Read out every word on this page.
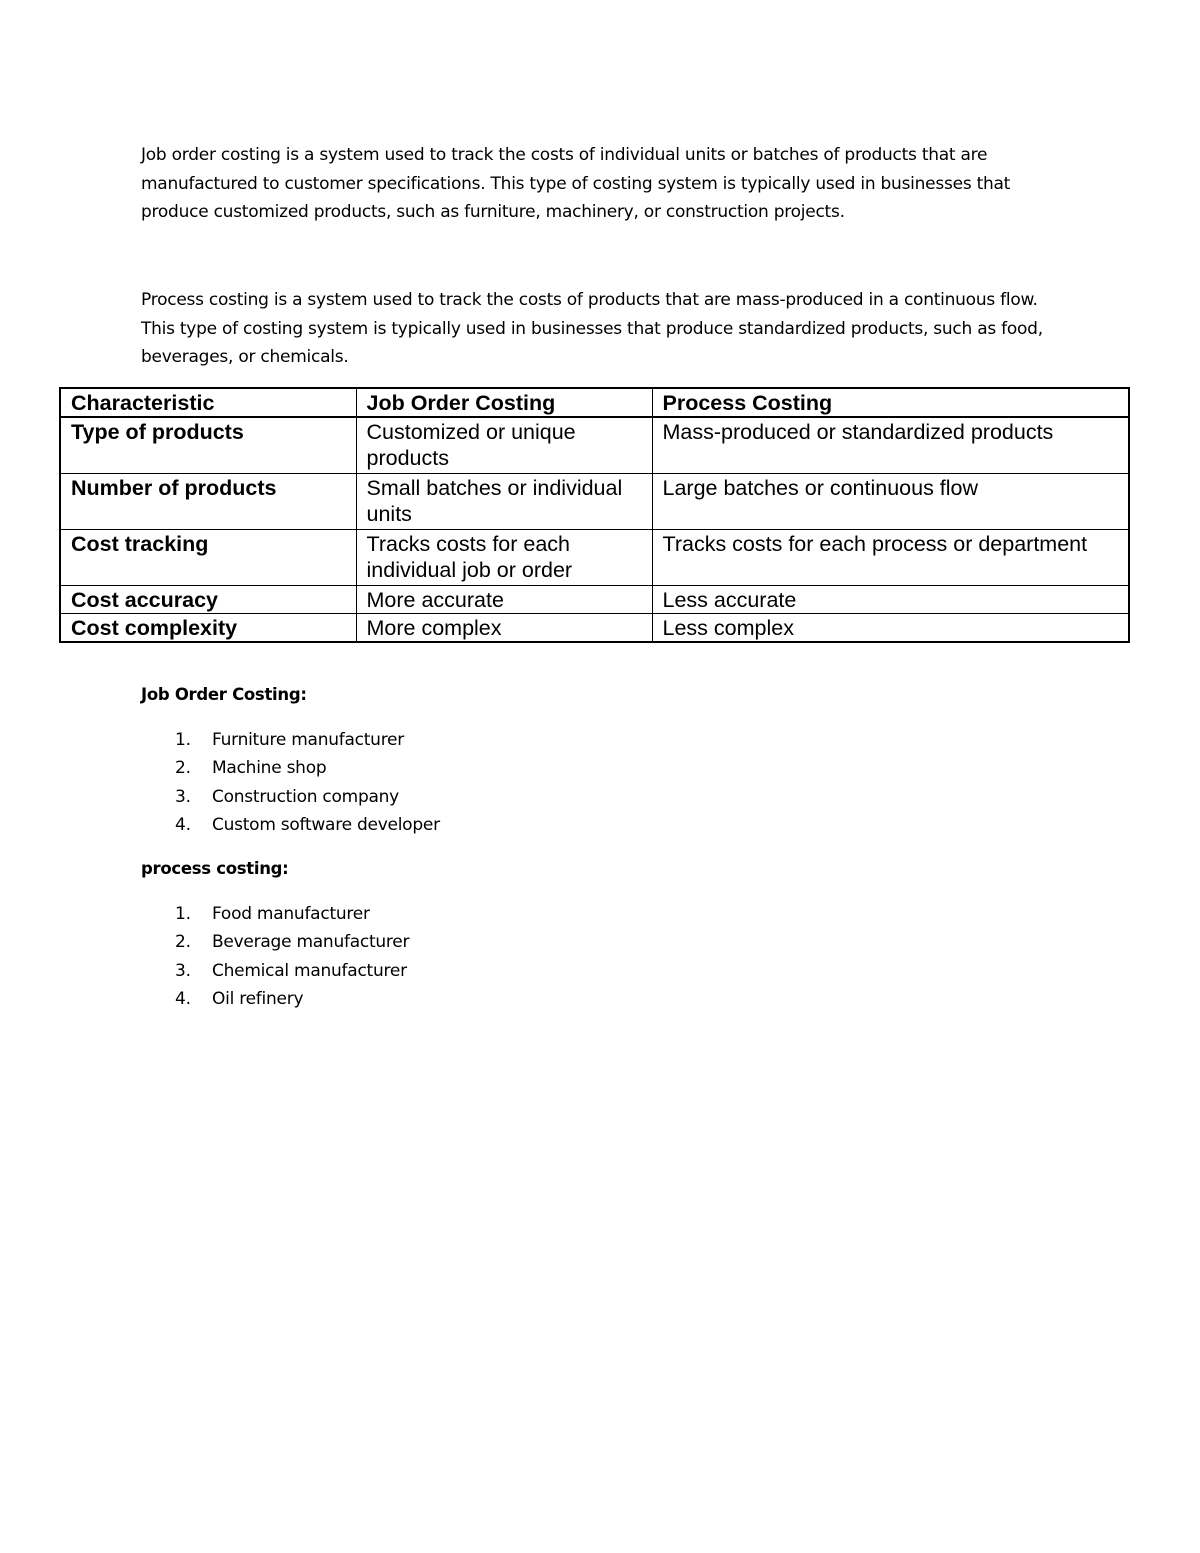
Job order costing is a system used to track the costs of individual units or batches of products that are manufactured to customer specifications. This type of costing system is typically used in businesses that produce customized products, such as furniture, machinery, or construction projects.

Process costing is a system used to track the costs of products that are mass-produced in a continuous flow. This type of costing system is typically used in businesses that produce standardized products, such as food, beverages, or chemicals.

Characteristic	Job Order Costing	Process Costing
Type of products	Customized or unique products	Mass-produced or standardized products
Number of products	Small batches or individual units	Large batches or continuous flow
Cost tracking	Tracks costs for each individual job or order	Tracks costs for each process or department
Cost accuracy	More accurate	Less accurate
Cost complexity	More complex	Less complex

Job Order Costing:

1. Furniture manufacturer
2. Machine shop
3. Construction company
4. Custom software developer

process costing:

1. Food manufacturer
2. Beverage manufacturer
3. Chemical manufacturer
4. Oil refinery
